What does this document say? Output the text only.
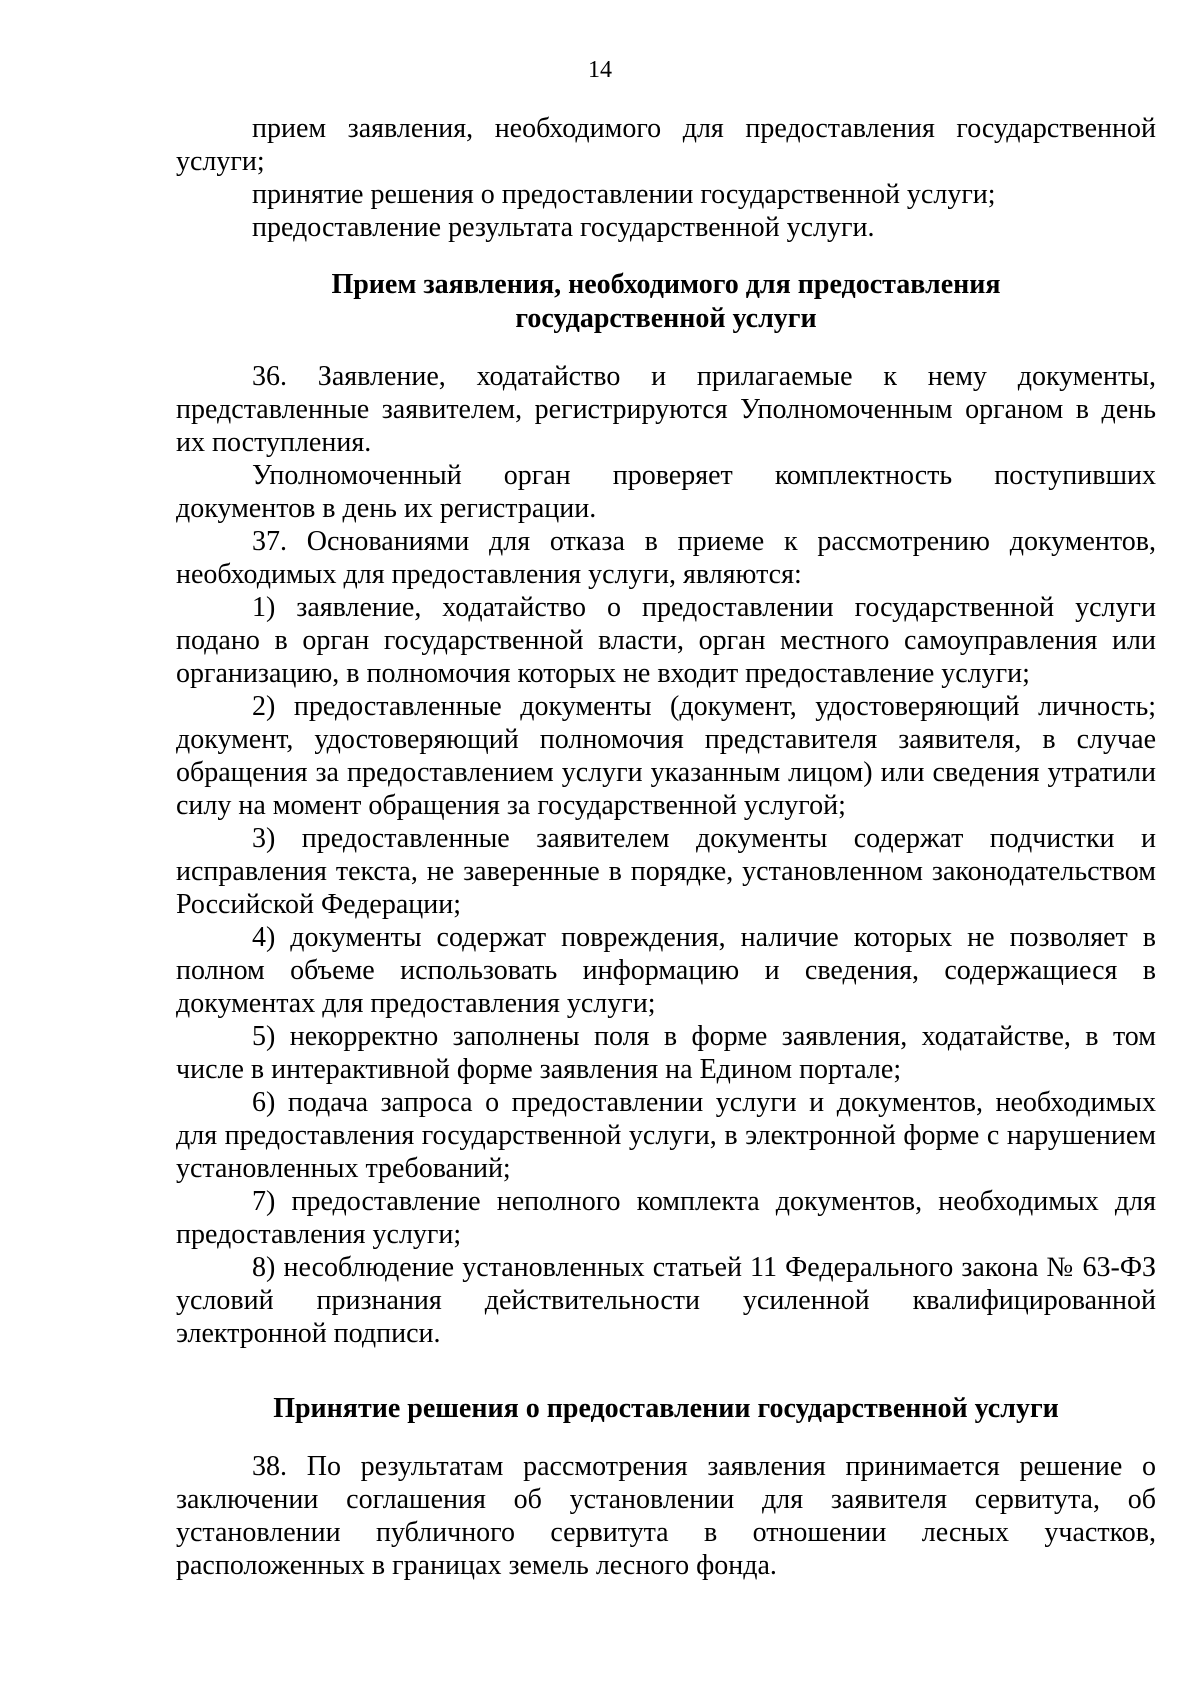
14

прием заявления, необходимого для предоставления государственной услуги;

принятие решения о предоставлении государственной услуги;

предоставление результата государственной услуги.

Прием заявления, необходимого для предоставления

государственной услуги

36. Заявление, ходатайство и прилагаемые к нему документы, представленные заявителем, регистрируются Уполномоченным органом в день их поступления.

Уполномоченный орган проверяет комплектность поступивших документов в день их регистрации.

37. Основаниями для отказа в приеме к рассмотрению документов, необходимых для предоставления услуги, являются:

1) заявление, ходатайство о предоставлении государственной услуги подано в орган государственной власти, орган местного самоуправления или организацию, в полномочия которых не входит предоставление услуги;

2) предоставленные документы (документ, удостоверяющий личность; документ, удостоверяющий полномочия представителя заявителя, в случае обращения за предоставлением услуги указанным лицом) или сведения утратили силу на момент обращения за государственной услугой;

3) предоставленные заявителем документы содержат подчистки и исправления текста, не заверенные в порядке, установленном законодательством Российской Федерации;

4) документы содержат повреждения, наличие которых не позволяет в полном объеме использовать информацию и сведения, содержащиеся в документах для предоставления услуги;

5) некорректно заполнены поля в форме заявления, ходатайстве, в том числе в интерактивной форме заявления на Едином портале;

6) подача запроса о предоставлении услуги и документов, необходимых для предоставления государственной услуги, в электронной форме с нарушением установленных требований;

7) предоставление неполного комплекта документов, необходимых для предоставления услуги;

8) несоблюдение установленных статьей 11 Федерального закона № 63-ФЗ условий признания действительности усиленной квалифицированной электронной подписи.

Принятие решения о предоставлении государственной услуги

38. По результатам рассмотрения заявления принимается решение о заключении соглашения об установлении для заявителя сервитута, об установлении публичного сервитута в отношении лесных участков, расположенных в границах земель лесного фонда.
